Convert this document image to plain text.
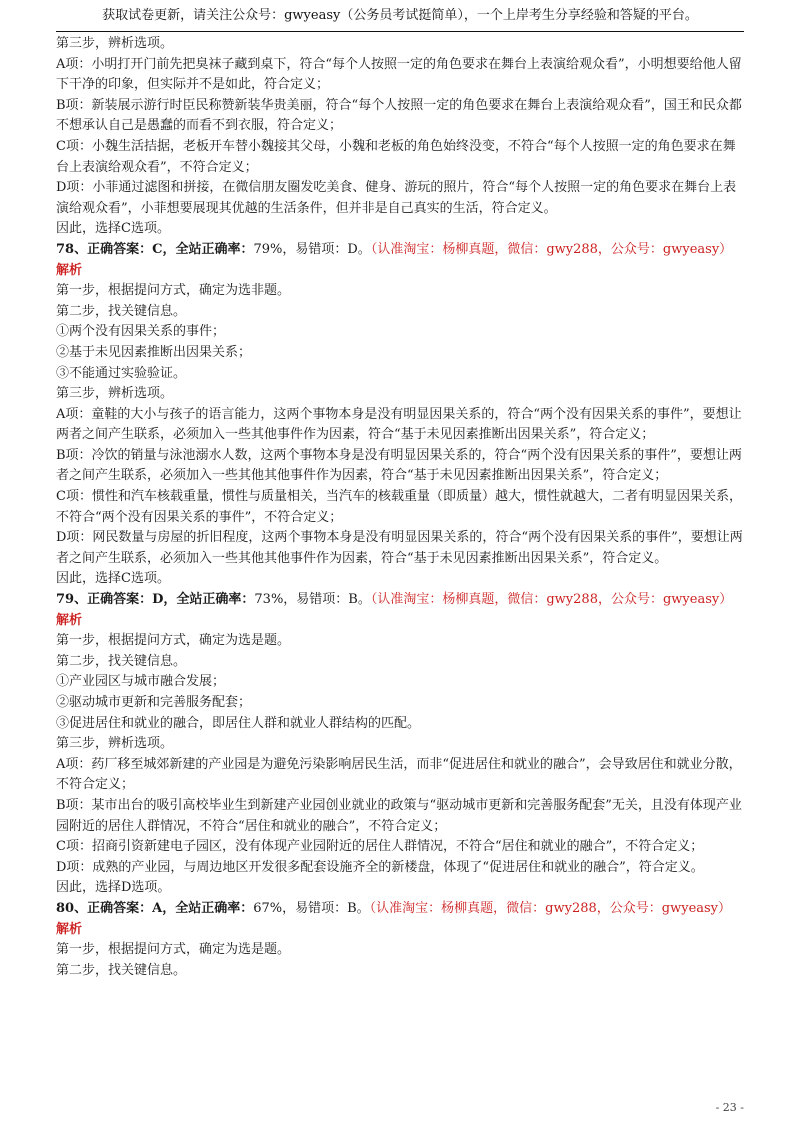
获取试卷更新，请关注公众号：gwyeasy（公务员考试挺简单），一个上岸考生分享经验和答疑的平台。

第三步，辨析选项。

A项：小明打开门前先把臭袜子藏到桌下，符合“每个人按照一定的角色要求在舞台上表演给观众看”，小明想要给他人留下干净的印象，但实际并不是如此，符合定义；

B项：新装展示游行时臣民称赞新装华贵美丽，符合“每个人按照一定的角色要求在舞台上表演给观众看”，国王和民众都不想承认自己是愚蠢的而看不到衣服，符合定义；

C项：小魏生活拮据，老板开车替小魏接其父母，小魏和老板的角色始终没变，不符合“每个人按照一定的角色要求在舞台上表演给观众看”，不符合定义；

D项：小菲通过滤图和拼接，在微信朋友圈发吃美食、健身、游玩的照片，符合“每个人按照一定的角色要求在舞台上表演给观众看”，小菲想要展现其优越的生活条件，但并非是自己真实的生活，符合定义。

因此，选择C选项。

78、正确答案：C，全站正确率：79%，易错项：D。（认准淘宝：杨柳真题，微信：gwy288，公众号：gwyeasy）

解析

第一步，根据提问方式，确定为选非题。

第二步，找关键信息。

①两个没有因果关系的事件；

②基于未见因素推断出因果关系；

③不能通过实验验证。

第三步，辨析选项。

A项：童鞋的大小与孩子的语言能力，这两个事物本身是没有明显因果关系的，符合“两个没有因果关系的事件”，要想让两者之间产生联系，必须加入一些其他事件作为因素，符合“基于未见因素推断出因果关系”，符合定义；

B项：冷饮的销量与泳池溺水人数，这两个事物本身是没有明显因果关系的，符合“两个没有因果关系的事件”，要想让两者之间产生联系，必须加入一些其他其他事件作为因素，符合“基于未见因素推断出因果关系”，符合定义；

C项：惯性和汽车核载重量，惯性与质量相关，当汽车的核载重量（即质量）越大，惯性就越大，二者有明显因果关系，不符合“两个没有因果关系的事件”，不符合定义；

D项：网民数量与房屋的折旧程度，这两个事物本身是没有明显因果关系的，符合“两个没有因果关系的事件”，要想让两者之间产生联系，必须加入一些其他其他事件作为因素，符合“基于未见因素推断出因果关系”，符合定义。

因此，选择C选项。

79、正确答案：D，全站正确率：73%，易错项：B。（认准淘宝：杨柳真题，微信：gwy288，公众号：gwyeasy）

解析

第一步，根据提问方式，确定为选是题。

第二步，找关键信息。

①产业园区与城市融合发展；

②驱动城市更新和完善服务配套；

③促进居住和就业的融合，即居住人群和就业人群结构的匹配。

第三步，辨析选项。

A项：药厂移至城郊新建的产业园是为避免污染影响居民生活，而非“促进居住和就业的融合”，会导致居住和就业分散，不符合定义；

B项：某市出台的吸引高校毕业生到新建产业园创业就业的政策与“驱动城市更新和完善服务配套”无关，且没有体现产业园附近的居住人群情况，不符合“居住和就业的融合”，不符合定义；

C项：招商引资新建电子园区，没有体现产业园附近的居住人群情况，不符合“居住和就业的融合”，不符合定义；

D项：成熟的产业园，与周边地区开发很多配套设施齐全的新楼盘，体现了“促进居住和就业的融合”，符合定义。

因此，选择D选项。

80、正确答案：A，全站正确率：67%，易错项：B。（认准淘宝：杨柳真题，微信：gwy288，公众号：gwyeasy）

解析

第一步，根据提问方式，确定为选是题。

第二步，找关键信息。

- 23 -
